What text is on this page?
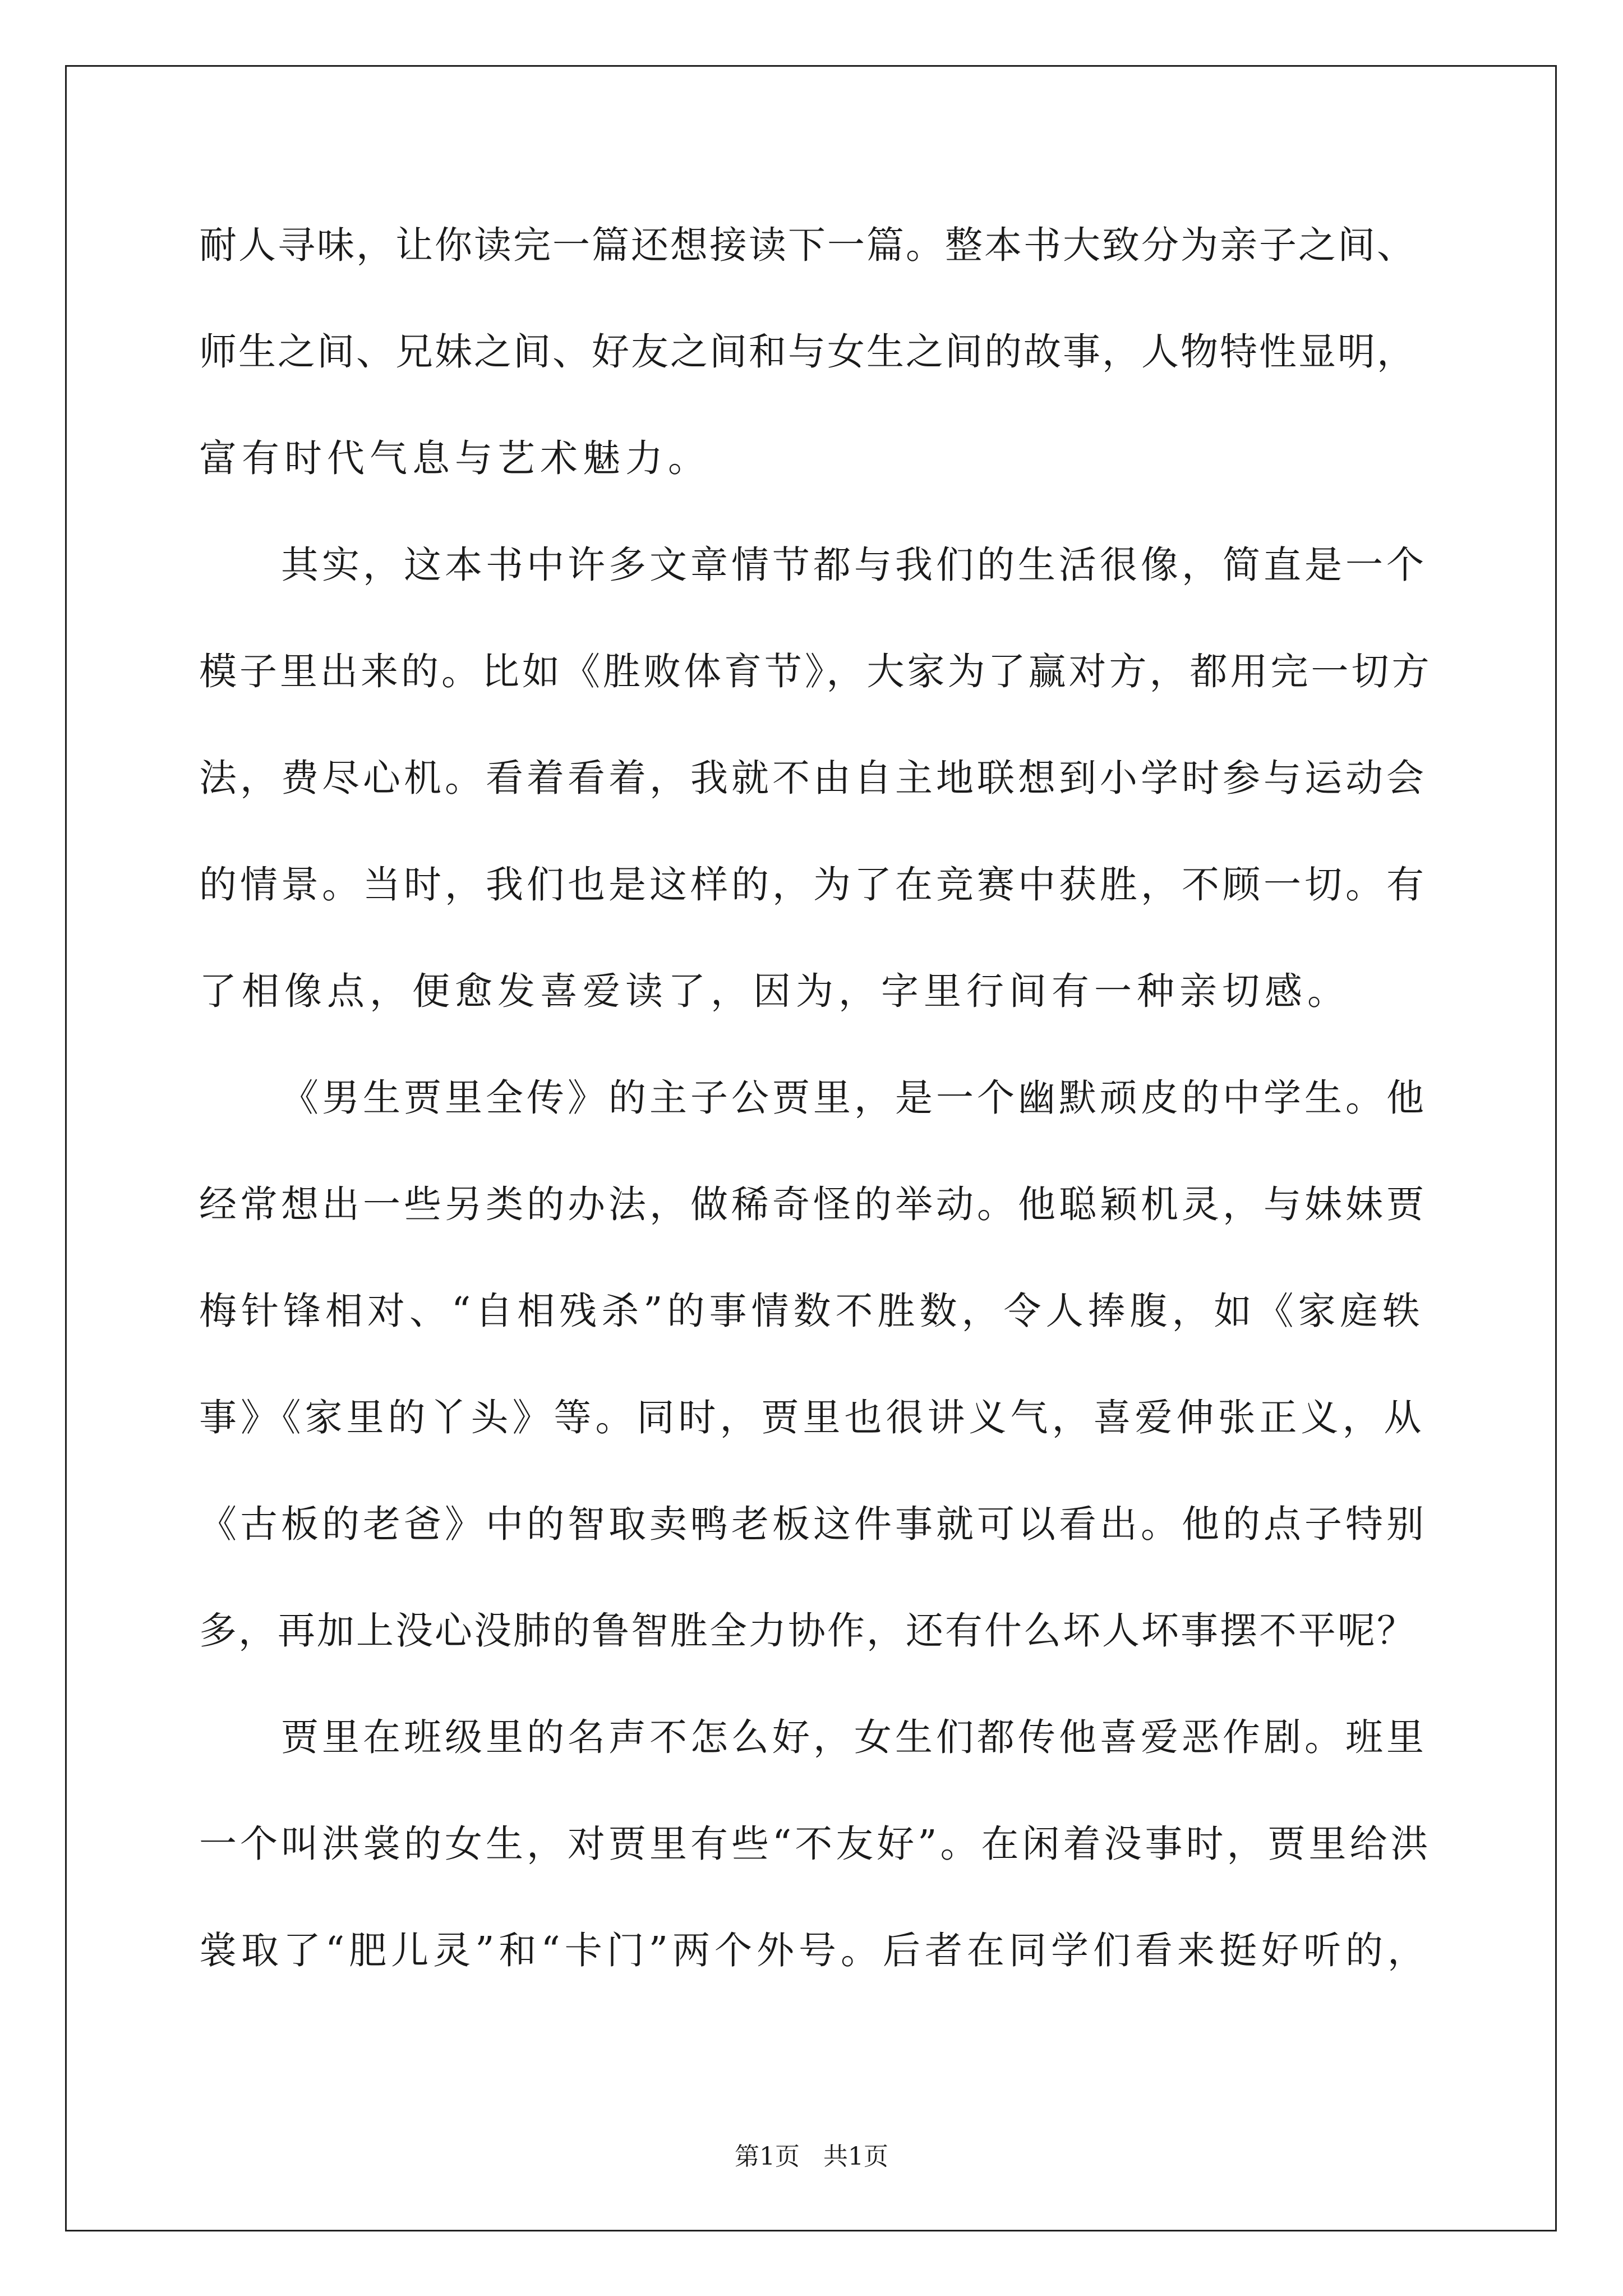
耐人寻味，让你读完一篇还想接读下一篇。整本书大致分为亲子之间、
师生之间、兄妹之间、好友之间和与女生之间的故事，人物特性显明，
富有时代气息与艺术魅力。
其实，这本书中许多文章情节都与我们的生活很像，简直是一个
模子里出来的。比如《胜败体育节》，大家为了赢对方，都用完一切方
法，费尽心机。看着看着，我就不由自主地联想到小学时参与运动会
的情景。当时，我们也是这样的，为了在竞赛中获胜，不顾一切。有
了相像点，便愈发喜爱读了，因为，字里行间有一种亲切感。
《男生贾里全传》的主子公贾里，是一个幽默顽皮的中学生。他
经常想出一些另类的办法，做稀奇怪的举动。他聪颖机灵，与妹妹贾
梅针锋相对、“自相残杀”的事情数不胜数，令人捧腹，如《家庭轶
事》《家里的丫头》等。同时，贾里也很讲义气，喜爱伸张正义，从
《古板的老爸》中的智取卖鸭老板这件事就可以看出。他的点子特别
多，再加上没心没肺的鲁智胜全力协作，还有什么坏人坏事摆不平呢？
贾里在班级里的名声不怎么好，女生们都传他喜爱恶作剧。班里
一个叫洪裳的女生，对贾里有些“不友好”。在闲着没事时，贾里给洪
裳取了“肥儿灵”和“卡门”两个外号。后者在同学们看来挺好听的，
第1页 共1页
